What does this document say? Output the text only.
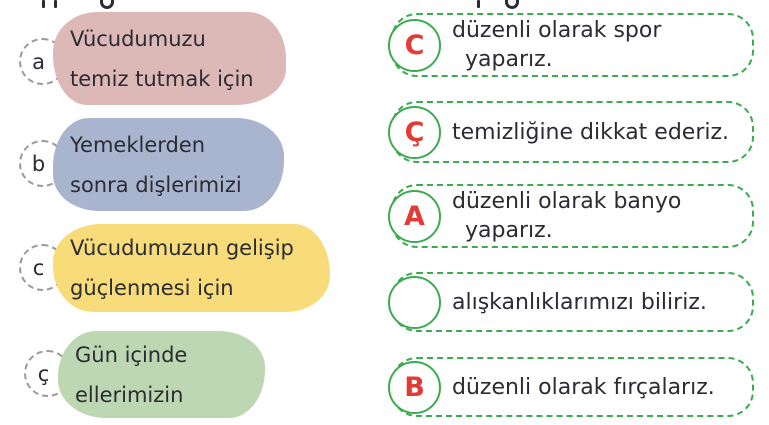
a
Vücudumuzu
temiz tutmak için
b
Yemeklerden
sonra dişlerimizi
c
Vücudumuzun gelişip
güçlenmesi için
ç
Gün içinde
ellerimizin
C düzenli olarak spor
yaparız.
Ç temizliğine dikkat ederiz.
A düzenli olarak banyo
yaparız.
alışkanlıklarımızı biliriz.
B düzenli olarak fırçalarız.
